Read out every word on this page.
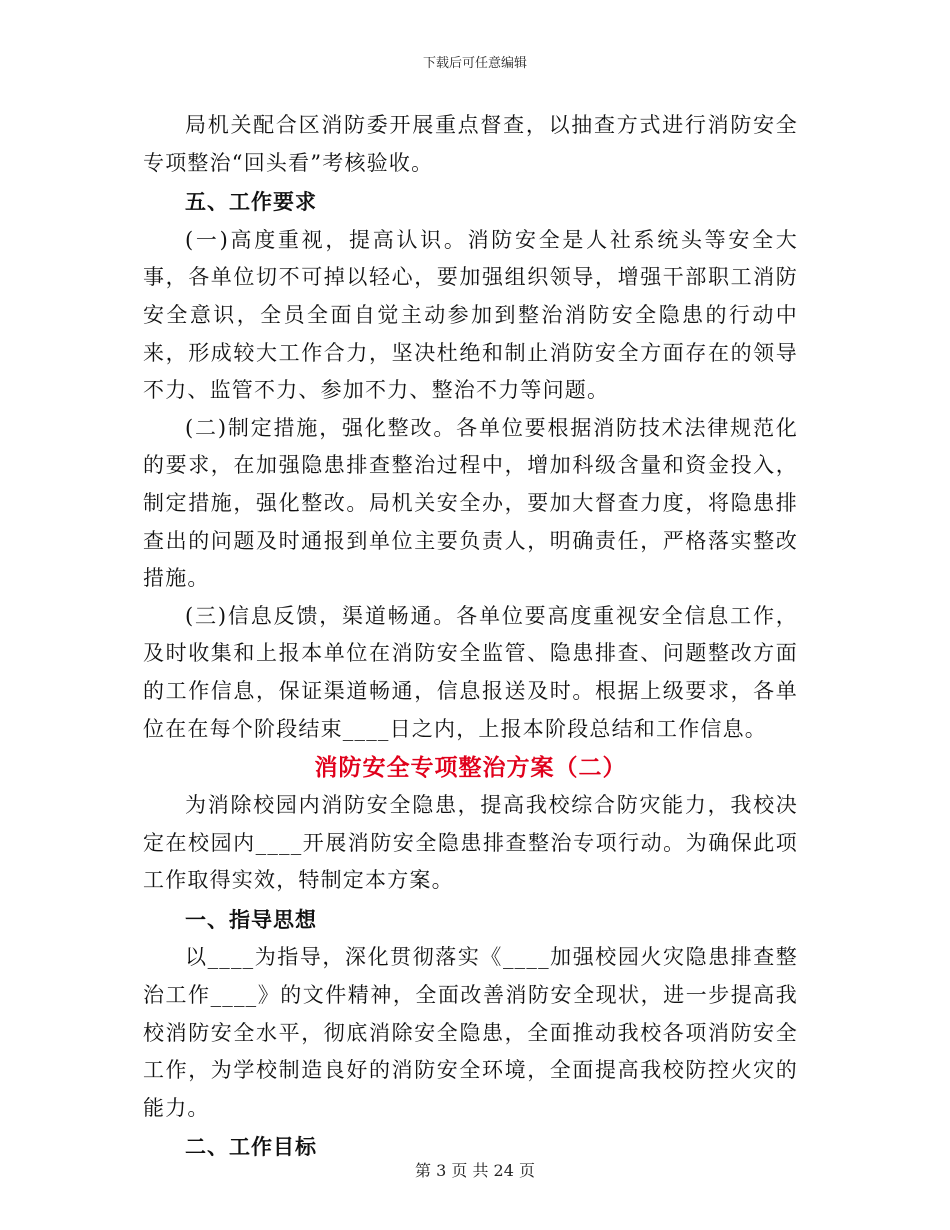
下载后可任意编辑

局机关配合区消防委开展重点督查，以抽查方式进行消防安全专项整治“回头看”考核验收。

五、工作要求

(一)高度重视，提高认识。消防安全是人社系统头等安全大事，各单位切不可掉以轻心，要加强组织领导，增强干部职工消防安全意识，全员全面自觉主动参加到整治消防安全隐患的行动中来，形成较大工作合力，坚决杜绝和制止消防安全方面存在的领导不力、监管不力、参加不力、整治不力等问题。

(二)制定措施，强化整改。各单位要根据消防技术法律规范化的要求，在加强隐患排查整治过程中，增加科级含量和资金投入，制定措施，强化整改。局机关安全办，要加大督查力度，将隐患排查出的问题及时通报到单位主要负责人，明确责任，严格落实整改措施。

(三)信息反馈，渠道畅通。各单位要高度重视安全信息工作，及时收集和上报本单位在消防安全监管、隐患排查、问题整改方面的工作信息，保证渠道畅通，信息报送及时。根据上级要求，各单位在在每个阶段结束____日之内，上报本阶段总结和工作信息。

消防安全专项整治方案（二）

为消除校园内消防安全隐患，提高我校综合防灾能力，我校决定在校园内____开展消防安全隐患排查整治专项行动。为确保此项工作取得实效，特制定本方案。

一、指导思想

以____为指导，深化贯彻落实《____加强校园火灾隐患排查整治工作____》的文件精神，全面改善消防安全现状，进一步提高我校消防安全水平，彻底消除安全隐患，全面推动我校各项消防安全工作，为学校制造良好的消防安全环境，全面提高我校防控火灾的能力。

二、工作目标

第 3 页 共 24 页
